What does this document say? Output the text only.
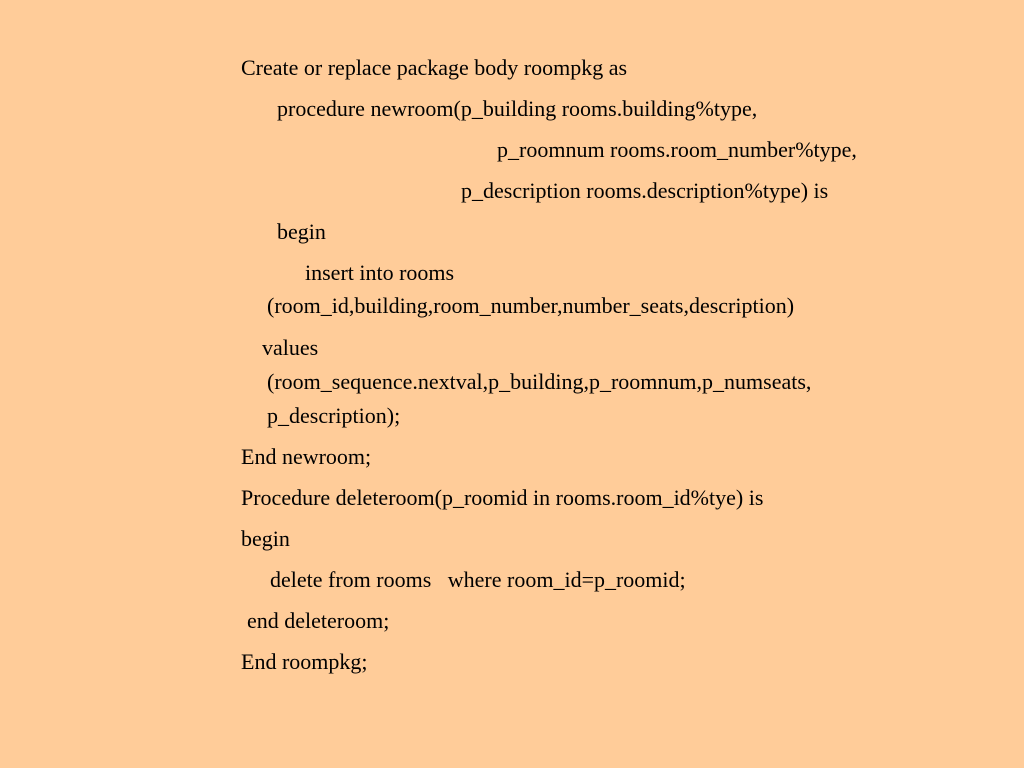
Create or replace package body roompkg as

procedure newroom(p_building rooms.building%type,

p_roomnum rooms.room_number%type,

p_description rooms.description%type) is

begin

insert into rooms

(room_id,building,room_number,number_seats,description)

values

(room_sequence.nextval,p_building,p_roomnum,p_numseats,

p_description);

End newroom;

Procedure deleteroom(p_roomid in rooms.room_id%tye) is

begin

delete from rooms   where room_id=p_roomid;

end deleteroom;

End roompkg;
